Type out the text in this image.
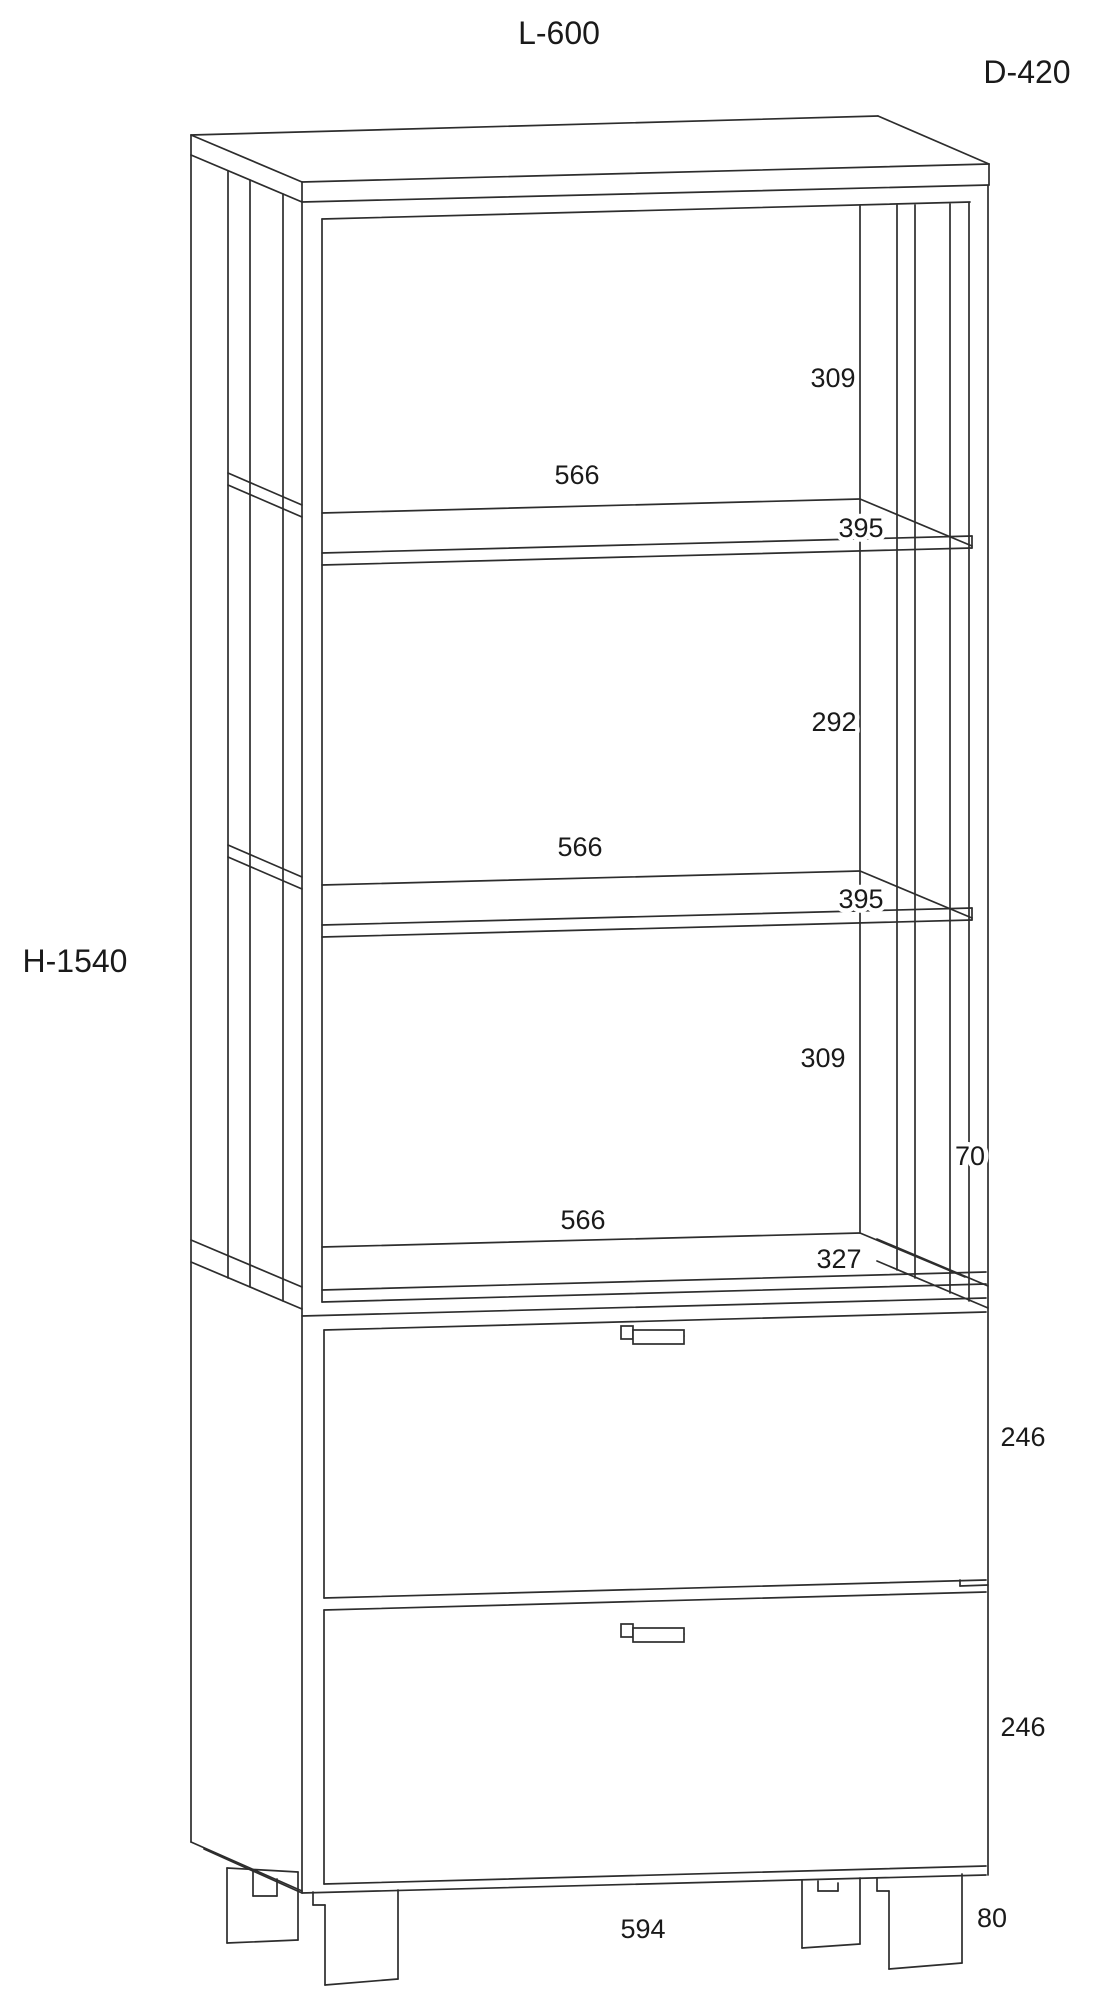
L-600
D-420
H-1540
309
566
395
292
566
395
309
70
566
327
246
246
594	80
